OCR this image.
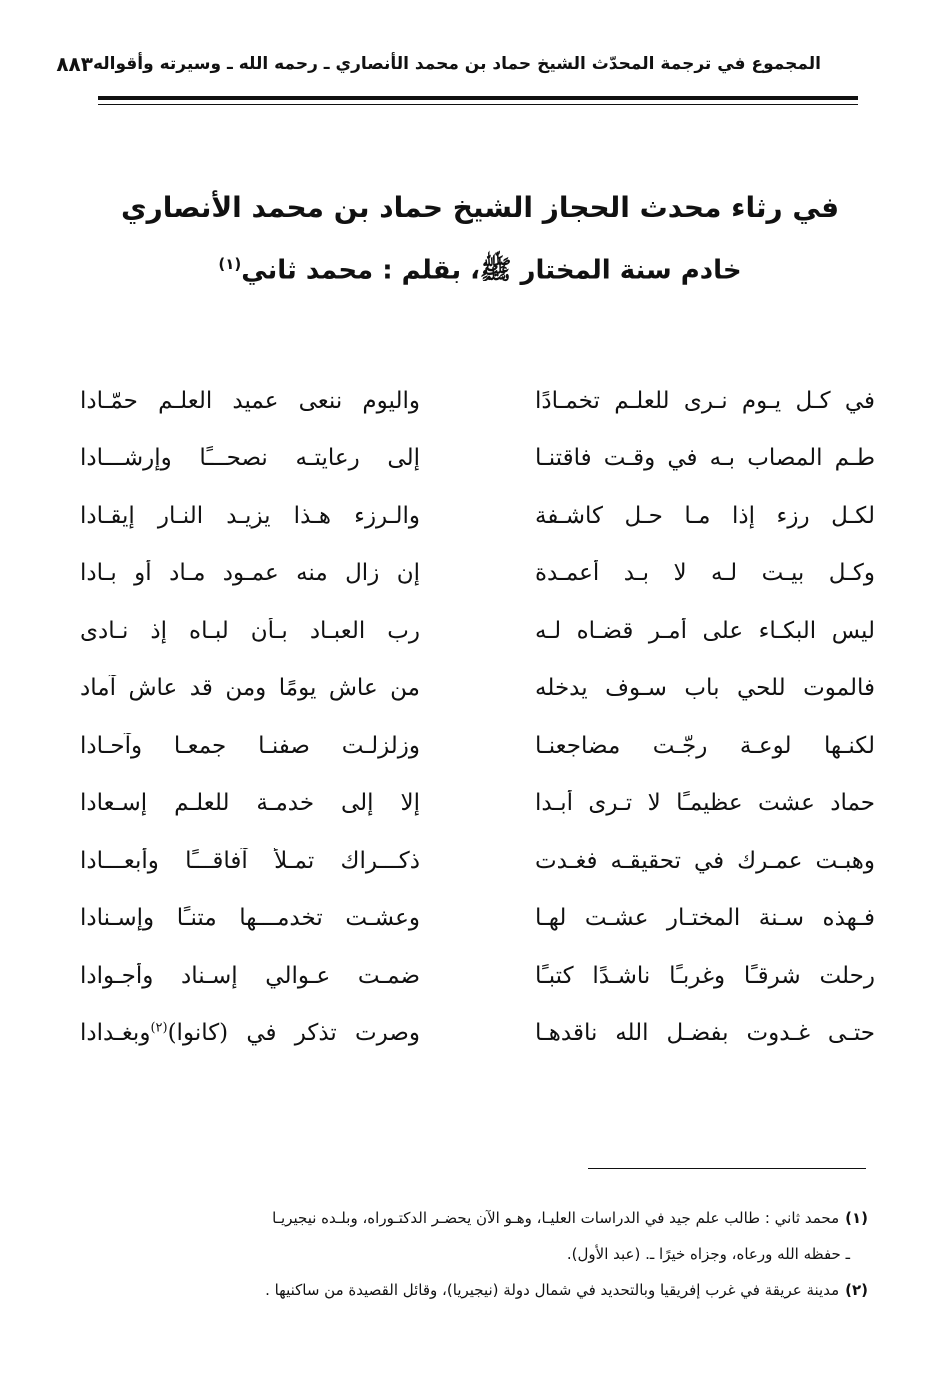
المجموع في ترجمة المحدّث الشيخ حماد بن محمد الأنصاري ـ رحمه الله ـ وسيرته وأقواله
٨٨٣

في رثاء محدث الحجاز الشيخ حماد بن محمد الأنصاري

خادم سنة المختار ﷺ، بقلم : محمد ثاني$^{(١)}$

في كـل يـوم نـرى للعلـم تخمـادًا
واليوم ننعى عميد العلـم حمّـادا
طـم المصاب بـه في وقـت فاقتنـا
إلى رعايتـه نصحـــًا وإرشـــادا
لكـل رزء إذا مـا حـل كاشـفة
والـرزء هـذا يزيـد النـار إيقـادا
وكـل بيـت لـه لا بـد أعمـدة
إن زال منه عمـود مـاد أو بـادا
ليس البكـاء على أمـر قضـاه لـه
رب العبـاد بـأن لبـاه إذ نـادى
فالموت للحي باب سـوف يدخله
من عاش يومًا ومن قد عاش آماد
لكنـها لوعـة رجّـت مضاجعنـا
وزلزلـت صفنـا جمعـا وآحـادا
حماد عشت عظيمـًا لا تـرى أبـدا
إلا إلى خدمـة للعلـم إسـعادا
وهبـت عمـرك في تحقيقـه فغـدت
ذكـــراك تمـلأ آفاقـــًا وأبعـــادا
فـهذه سـنة المختـار عشـت لهـا
وعشـت تخدمـــها متنـًا وإسـنادا
رحلت شرقـًا وغربـًا ناشـدًا كتبـًا
ضمـت عـوالي إسـناد وأجـوادا
حتـى غـدوت بفضـل الله ناقدهـا
وصرت تذكر في (كانوا)$^{(٢)}$وبغـدادا

(١)محمد ثاني : طالب علم جيد في الدراسات العليـا، وهـو الآن يحضـر الدكتـوراه، وبلـده نيجيريـا

ـ حفظه الله ورعاه، وجزاه خيرًا ـ. (عبد الأول).

(٢)مدينة عريقة في غرب إفريقيا وبالتحديد في شمال دولة (نيجيريا)، وقائل القصيدة من ساكنيها .
